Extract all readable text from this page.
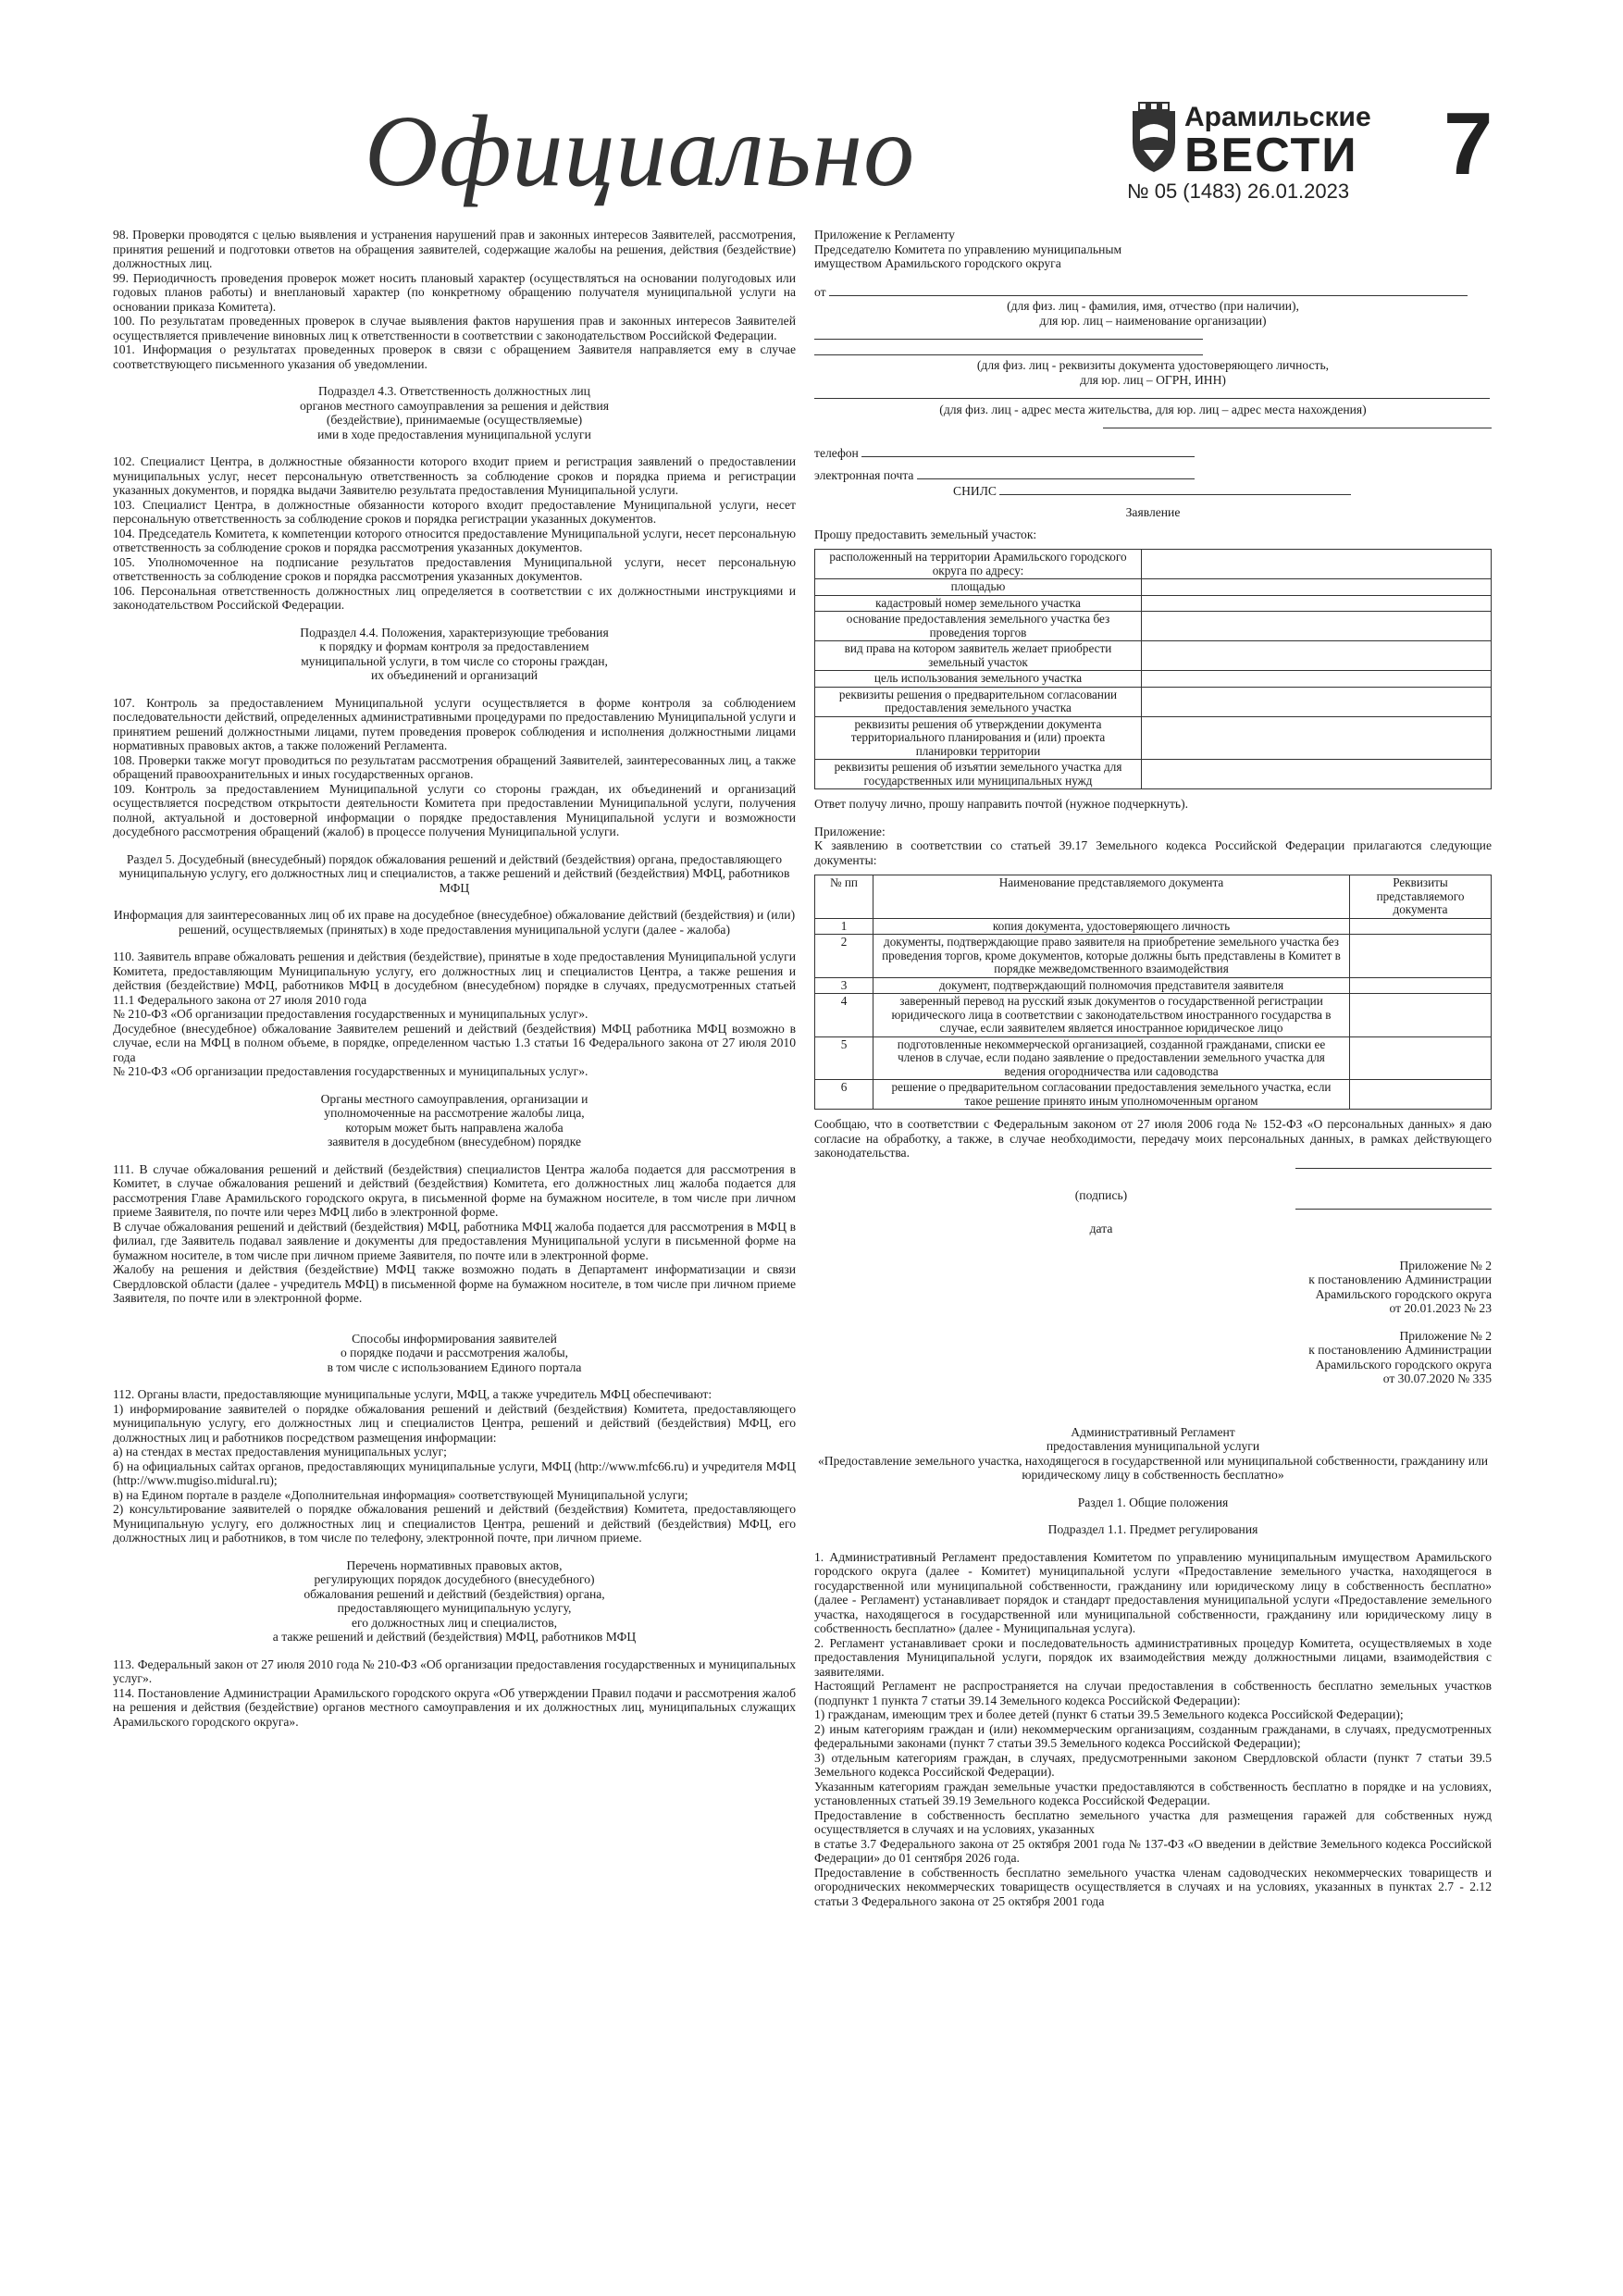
Официально	Арамильские
ВЕСТИ
№ 05 (1483) 26.01.2023 7

98. Проверки проводятся с целью выявления и устранения нарушений прав и законных интересов Заявителей, рассмотрения, принятия решений и подготовки ответов на обращения заявителей, содержащие жалобы на решения, действия (бездействие) должностных лиц.

99. Периодичность проведения проверок может носить плановый характер (осуществляться на основании полугодовых или годовых планов работы) и внеплановый характер (по конкретному обращению получателя муниципальной услуги на основании приказа Комитета).

100. По результатам проведенных проверок в случае выявления фактов нарушения прав и законных интересов Заявителей осуществляется привлечение виновных лиц к ответственности в соответствии с законодательством Российской Федерации.

101. Информация о результатах проведенных проверок в связи с обращением Заявителя направляется ему в случае соответствующего письменного указания об уведомлении.

Подраздел 4.3. Ответственность должностных лиц

органов местного самоуправления за решения и действия

(бездействие), принимаемые (осуществляемые)

ими в ходе предоставления муниципальной услуги

102. Специалист Центра, в должностные обязанности которого входит прием и регистрация заявлений о предоставлении муниципальных услуг, несет персональную ответственность за соблюдение сроков и порядка приема и регистрации указанных документов, и порядка выдачи Заявителю результата предоставления Муниципальной услуги.

103. Специалист Центра, в должностные обязанности которого входит предоставление Муниципальной услуги, несет персональную ответственность за соблюдение сроков и порядка регистрации указанных документов.

104. Председатель Комитета, к компетенции которого относится предоставление Муниципальной услуги, несет персональную ответственность за соблюдение сроков и порядка рассмотрения указанных документов.

105. Уполномоченное на подписание результатов предоставления Муниципальной услуги, несет персональную ответственность за соблюдение сроков и порядка рассмотрения указанных документов.

106. Персональная ответственность должностных лиц определяется в соответствии с их должностными инструкциями и законодательством Российской Федерации.

Подраздел 4.4. Положения, характеризующие требования

к порядку и формам контроля за предоставлением

муниципальной услуги, в том числе со стороны граждан,

их объединений и организаций

107. Контроль за предоставлением Муниципальной услуги осуществляется в форме контроля за соблюдением последовательности действий, определенных административными процедурами по предоставлению Муниципальной услуги и принятием решений должностными лицами, путем проведения проверок соблюдения и исполнения должностными лицами нормативных правовых актов, а также положений Регламента.

108. Проверки также могут проводиться по результатам рассмотрения обращений Заявителей, заинтересованных лиц, а также обращений правоохранительных и иных государственных органов.

109. Контроль за предоставлением Муниципальной услуги со стороны граждан, их объединений и организаций осуществляется посредством открытости деятельности Комитета при предоставлении Муниципальной услуги, получения полной, актуальной и достоверной информации о порядке предоставления Муниципальной услуги и возможности досудебного рассмотрения обращений (жалоб) в процессе получения Муниципальной услуги.

Раздел 5. Досудебный (внесудебный) порядок обжалования решений и действий (бездействия) органа, предоставляющего муниципальную услугу, его должностных лиц и специалистов, а также решений и действий (бездействия) МФЦ, работников МФЦ

Информация для заинтересованных лиц об их праве на досудебное (внесудебное) обжалование действий (бездействия) и (или) решений, осуществляемых (принятых) в ходе предоставления муниципальной услуги (далее - жалоба)

110. Заявитель вправе обжаловать решения и действия (бездействие), принятые в ходе предоставления Муниципальной услуги Комитета, предоставляющим Муниципальную услугу, его должностных лиц и специалистов Центра, а также решения и действия (бездействие) МФЦ, работников МФЦ в досудебном (внесудебном) порядке в случаях, предусмотренных статьей 11.1 Федерального закона от 27 июля 2010 года

№ 210-ФЗ «Об организации предоставления государственных и муниципальных услуг».

Досудебное (внесудебное) обжалование Заявителем решений и действий (бездействия) МФЦ работника МФЦ возможно в случае, если на МФЦ в полном объеме, в порядке, определенном частью 1.3 статьи 16 Федерального закона от 27 июля 2010 года

№ 210-ФЗ «Об организации предоставления государственных и муниципальных услуг».

Органы местного самоуправления, организации и

уполномоченные на рассмотрение жалобы лица,

которым может быть направлена жалоба

заявителя в досудебном (внесудебном) порядке

111. В случае обжалования решений и действий (бездействия) специалистов Центра жалоба подается для рассмотрения в Комитет, в случае обжалования решений и действий (бездействия) Комитета, его должностных лиц жалоба подается для рассмотрения Главе Арамильского городского округа, в письменной форме на бумажном носителе, в том числе при личном приеме Заявителя, по почте или через МФЦ либо в электронной форме.

В случае обжалования решений и действий (бездействия) МФЦ, работника МФЦ жалоба подается для рассмотрения в МФЦ в филиал, где Заявитель подавал заявление и документы для предоставления Муниципальной услуги в письменной форме на бумажном носителе, в том числе при личном приеме Заявителя, по почте или в электронной форме.

Жалобу на решения и действия (бездействие) МФЦ также возможно подать в Департамент информатизации и связи Свердловской области (далее - учредитель МФЦ) в письменной форме на бумажном носителе, в том числе при личном приеме Заявителя, по почте или в электронной форме.

Способы информирования заявителей

о порядке подачи и рассмотрения жалобы,

в том числе с использованием Единого портала

112. Органы власти, предоставляющие муниципальные услуги, МФЦ, а также учредитель МФЦ обеспечивают:

1) информирование заявителей о порядке обжалования решений и действий (бездействия) Комитета, предоставляющего муниципальную услугу, его должностных лиц и специалистов Центра, решений и действий (бездействия) МФЦ, его должностных лиц и работников посредством размещения информации:

а) на стендах в местах предоставления муниципальных услуг;

б) на официальных сайтах органов, предоставляющих муниципальные услуги, МФЦ (http://www.mfc66.ru) и учредителя МФЦ (http://www.mugiso.midural.ru);

в) на Едином портале в разделе «Дополнительная информация» соответствующей Муниципальной услуги;

2) консультирование заявителей о порядке обжалования решений и действий (бездействия) Комитета, предоставляющего Муниципальную услугу, его должностных лиц и специалистов Центра, решений и действий (бездействия) МФЦ, его должностных лиц и работников, в том числе по телефону, электронной почте, при личном приеме.

Перечень нормативных правовых актов,

регулирующих порядок досудебного (внесудебного)

обжалования решений и действий (бездействия) органа,

предоставляющего муниципальную услугу,

его должностных лиц и специалистов,

а также решений и действий (бездействия) МФЦ, работников МФЦ

113. Федеральный закон от 27 июля 2010 года № 210-ФЗ «Об организации предоставления государственных и муниципальных услуг».

114. Постановление Администрации Арамильского городского округа «Об утверждении Правил подачи и рассмотрения жалоб на решения и действия (бездействие) органов местного самоуправления и их должностных лиц, муниципальных служащих Арамильского городского округа».

Приложение к Регламенту

Председателю Комитета по управлению муниципальным

имуществом Арамильского городского округа

от

(для физ. лиц - фамилия, имя, отчество (при наличии),

для юр. лиц – наименование организации)

(для физ. лиц - реквизиты документа удостоверяющего личность,

для юр. лиц – ОГРН, ИНН)

(для физ. лиц - адрес места жительства, для юр. лиц – адрес места нахождения)

телефон

электронная почта

СНИЛС

Заявление

Прошу предоставить земельный участок:

расположенный на территории Арамильского городского округа по адресу:	
площадью	
кадастровый номер земельного участка	
основание предоставления земельного участка без проведения торгов	
вид права на котором заявитель желает приобрести земельный участок	
цель использования земельного участка	
реквизиты решения о предварительном согласовании предоставления земельного участка	
реквизиты решения об утверждении документа территориального планирования и (или) проекта планировки территории	
реквизиты решения об изъятии земельного участка для государственных или муниципальных нужд	

Ответ получу лично, прошу направить почтой (нужное подчеркнуть).

Приложение:

К заявлению в соответствии со статьей 39.17 Земельного кодекса Российской Федерации прилагаются следующие документы:

№ пп	Наименование представляемого документа	Реквизиты представляемого документа
1	копия документа, удостоверяющего личность	
2	документы, подтверждающие право заявителя на приобретение земельного участка без проведения торгов, кроме документов, которые должны быть представлены в Комитет в порядке межведомственного взаимодействия	
3	документ, подтверждающий полномочия представителя заявителя	
4	заверенный перевод на русский язык документов о государственной регистрации юридического лица в соответствии с законодательством иностранного государства в случае, если заявителем является иностранное юридическое лицо	
5	подготовленные некоммерческой организацией, созданной гражданами, списки ее членов в случае, если подано заявление о предоставлении земельного участка для ведения огородничества или садоводства	
6	решение о предварительном согласовании предоставления земельного участка, если такое решение принято иным уполномоченным органом	

Сообщаю, что в соответствии с Федеральным законом от 27 июля 2006 года № 152-ФЗ «О персональных данных» я даю согласие на обработку, а также, в случае необходимости, передачу моих персональных данных, в рамках действующего законодательства.

(подпись)
дата

Приложение № 2

к постановлению Администрации

Арамильского городского округа

от 20.01.2023 № 23

Приложение № 2

к постановлению Администрации

Арамильского городского округа

от 30.07.2020 № 335

Административный Регламент

предоставления муниципальной услуги

«Предоставление земельного участка, находящегося в государственной или муниципальной собственности, гражданину или юридическому лицу в собственность бесплатно»

Раздел 1. Общие положения

Подраздел 1.1. Предмет регулирования

1. Административный Регламент предоставления Комитетом по управлению муниципальным имуществом Арамильского городского округа (далее - Комитет) муниципальной услуги «Предоставление земельного участка, находящегося в государственной или муниципальной собственности, гражданину или юридическому лицу в собственность бесплатно» (далее - Регламент) устанавливает порядок и стандарт предоставления муниципальной услуги «Предоставление земельного участка, находящегося в государственной или муниципальной собственности, гражданину или юридическому лицу в собственность бесплатно» (далее - Муниципальная услуга).

2. Регламент устанавливает сроки и последовательность административных процедур Комитета, осуществляемых в ходе предоставления Муниципальной услуги, порядок их взаимодействия между должностными лицами, взаимодействия с заявителями.

Настоящий Регламент не распространяется на случаи предоставления в собственность бесплатно земельных участков (подпункт 1 пункта 7 статьи 39.14 Земельного кодекса Российской Федерации):

1) гражданам, имеющим трех и более детей (пункт 6 статьи 39.5 Земельного кодекса Российской Федерации);

2) иным категориям граждан и (или) некоммерческим организациям, созданным гражданами, в случаях, предусмотренных федеральными законами (пункт 7 статьи 39.5 Земельного кодекса Российской Федерации);

3) отдельным категориям граждан, в случаях, предусмотренными законом Свердловской области (пункт 7 статьи 39.5 Земельного кодекса Российской Федерации).

Указанным категориям граждан земельные участки предоставляются в собственность бесплатно в порядке и на условиях, установленных статьей 39.19 Земельного кодекса Российской Федерации.

Предоставление в собственность бесплатно земельного участка для размещения гаражей для собственных нужд осуществляется в случаях и на условиях, указанных

в статье 3.7 Федерального закона от 25 октября 2001 года № 137-ФЗ «О введении в действие Земельного кодекса Российской Федерации» до 01 сентября 2026 года.

Предоставление в собственность бесплатно земельного участка членам садоводческих некоммерческих товариществ и огороднических некоммерческих товариществ осуществляется в случаях и на условиях, указанных в пунктах 2.7 - 2.12 статьи 3 Федерального закона от 25 октября 2001 года
